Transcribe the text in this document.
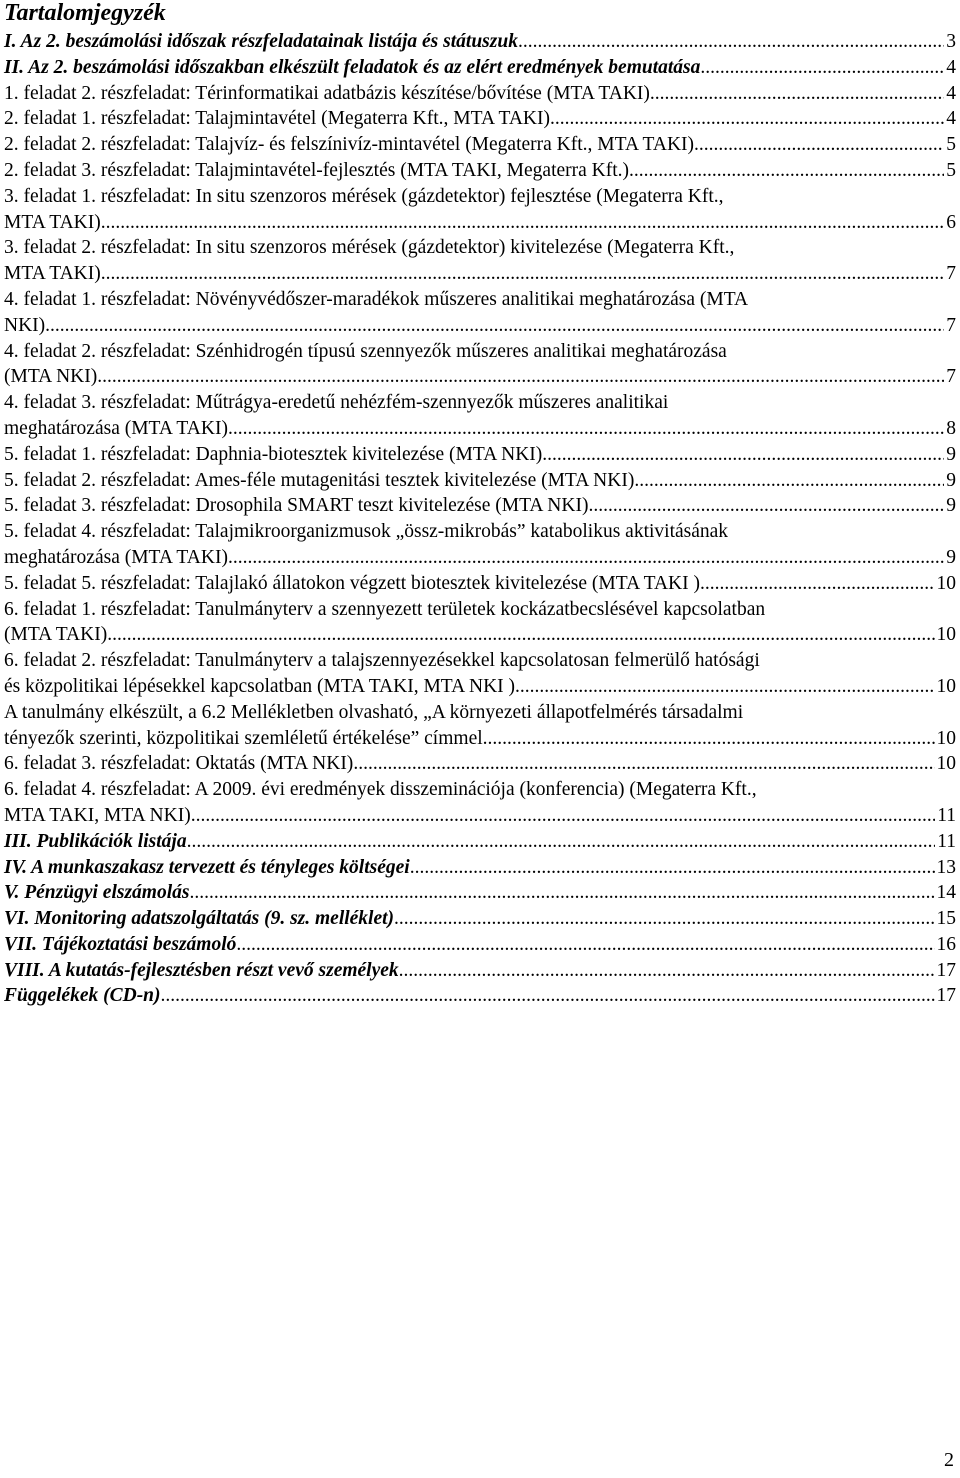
Tartalomjegyzék
I. Az 2. beszámolási időszak részfeladatainak listája és státuszuk .....	3
II. Az 2. beszámolási időszakban elkészült feladatok és az elért eredmények bemutatása .....	4
1. feladat 2. részfeladat: Térinformatikai adatbázis készítése/bővítése (MTA TAKI) .....	4
2. feladat 1. részfeladat: Talajmintavétel (Megaterra Kft., MTA TAKI) .....	4
2. feladat 2. részfeladat: Talajvíz- és felszínivíz-mintavétel (Megaterra Kft., MTA TAKI) .....	5
2. feladat 3. részfeladat: Talajmintavétel-fejlesztés (MTA TAKI, Megaterra Kft.) .....	5
3. feladat 1. részfeladat: In situ szenzoros mérések (gázdetektor) fejlesztése (Megaterra Kft.,
MTA TAKI) .....	6
3. feladat 2. részfeladat: In situ szenzoros mérések (gázdetektor) kivitelezése (Megaterra Kft.,
MTA TAKI) .....	7
4. feladat 1. részfeladat: Növényvédőszer-maradékok műszeres analitikai meghatározása (MTA
NKI) .....	7
4. feladat 2. részfeladat: Szénhidrogén típusú szennyezők műszeres analitikai meghatározása
(MTA NKI) .....	7
4. feladat 3. részfeladat: Műtrágya-eredetű nehézfém-szennyezők műszeres analitikai
meghatározása (MTA TAKI) .....	8
5. feladat 1. részfeladat: Daphnia-biotesztek kivitelezése (MTA NKI) .....	9
5. feladat 2. részfeladat: Ames-féle mutagenitási tesztek kivitelezése (MTA NKI) .....	9
5. feladat 3. részfeladat: Drosophila SMART teszt kivitelezése (MTA NKI) .....	9
5. feladat 4. részfeladat: Talajmikroorganizmusok „össz-mikrobás” katabolikus aktivitásának
meghatározása (MTA TAKI) .....	9
5. feladat 5. részfeladat: Talajlakó állatokon végzett biotesztek kivitelezése (MTA TAKI ) .....	10
6. feladat 1. részfeladat: Tanulmányterv a szennyezett területek kockázatbecslésével kapcsolatban
(MTA TAKI) .....	10
6. feladat 2. részfeladat: Tanulmányterv a talajszennyezésekkel kapcsolatosan felmerülő hatósági
és közpolitikai lépésekkel kapcsolatban (MTA TAKI, MTA NKI ) .....	10
A tanulmány elkészült, a 6.2 Mellékletben olvasható, „A környezeti állapotfelmérés társadalmi
tényezők szerinti, közpolitikai szemléletű értékelése” címmel. .....	10
6. feladat 3. részfeladat: Oktatás (MTA NKI) .....	10
6. feladat 4. részfeladat: A 2009. évi eredmények disszeminációja (konferencia) (Megaterra Kft.,
MTA TAKI, MTA NKI) .....	11
III. Publikációk listája .....	11
IV. A munkaszakasz tervezett és tényleges költségei .....	13
V. Pénzügyi elszámolás .....	14
VI. Monitoring adatszolgáltatás (9. sz. melléklet) .....	15
VII. Tájékoztatási beszámoló .....	16
VIII. A kutatás-fejlesztésben részt vevő személyek .....	17
Függelékek (CD-n) .....	17
2
